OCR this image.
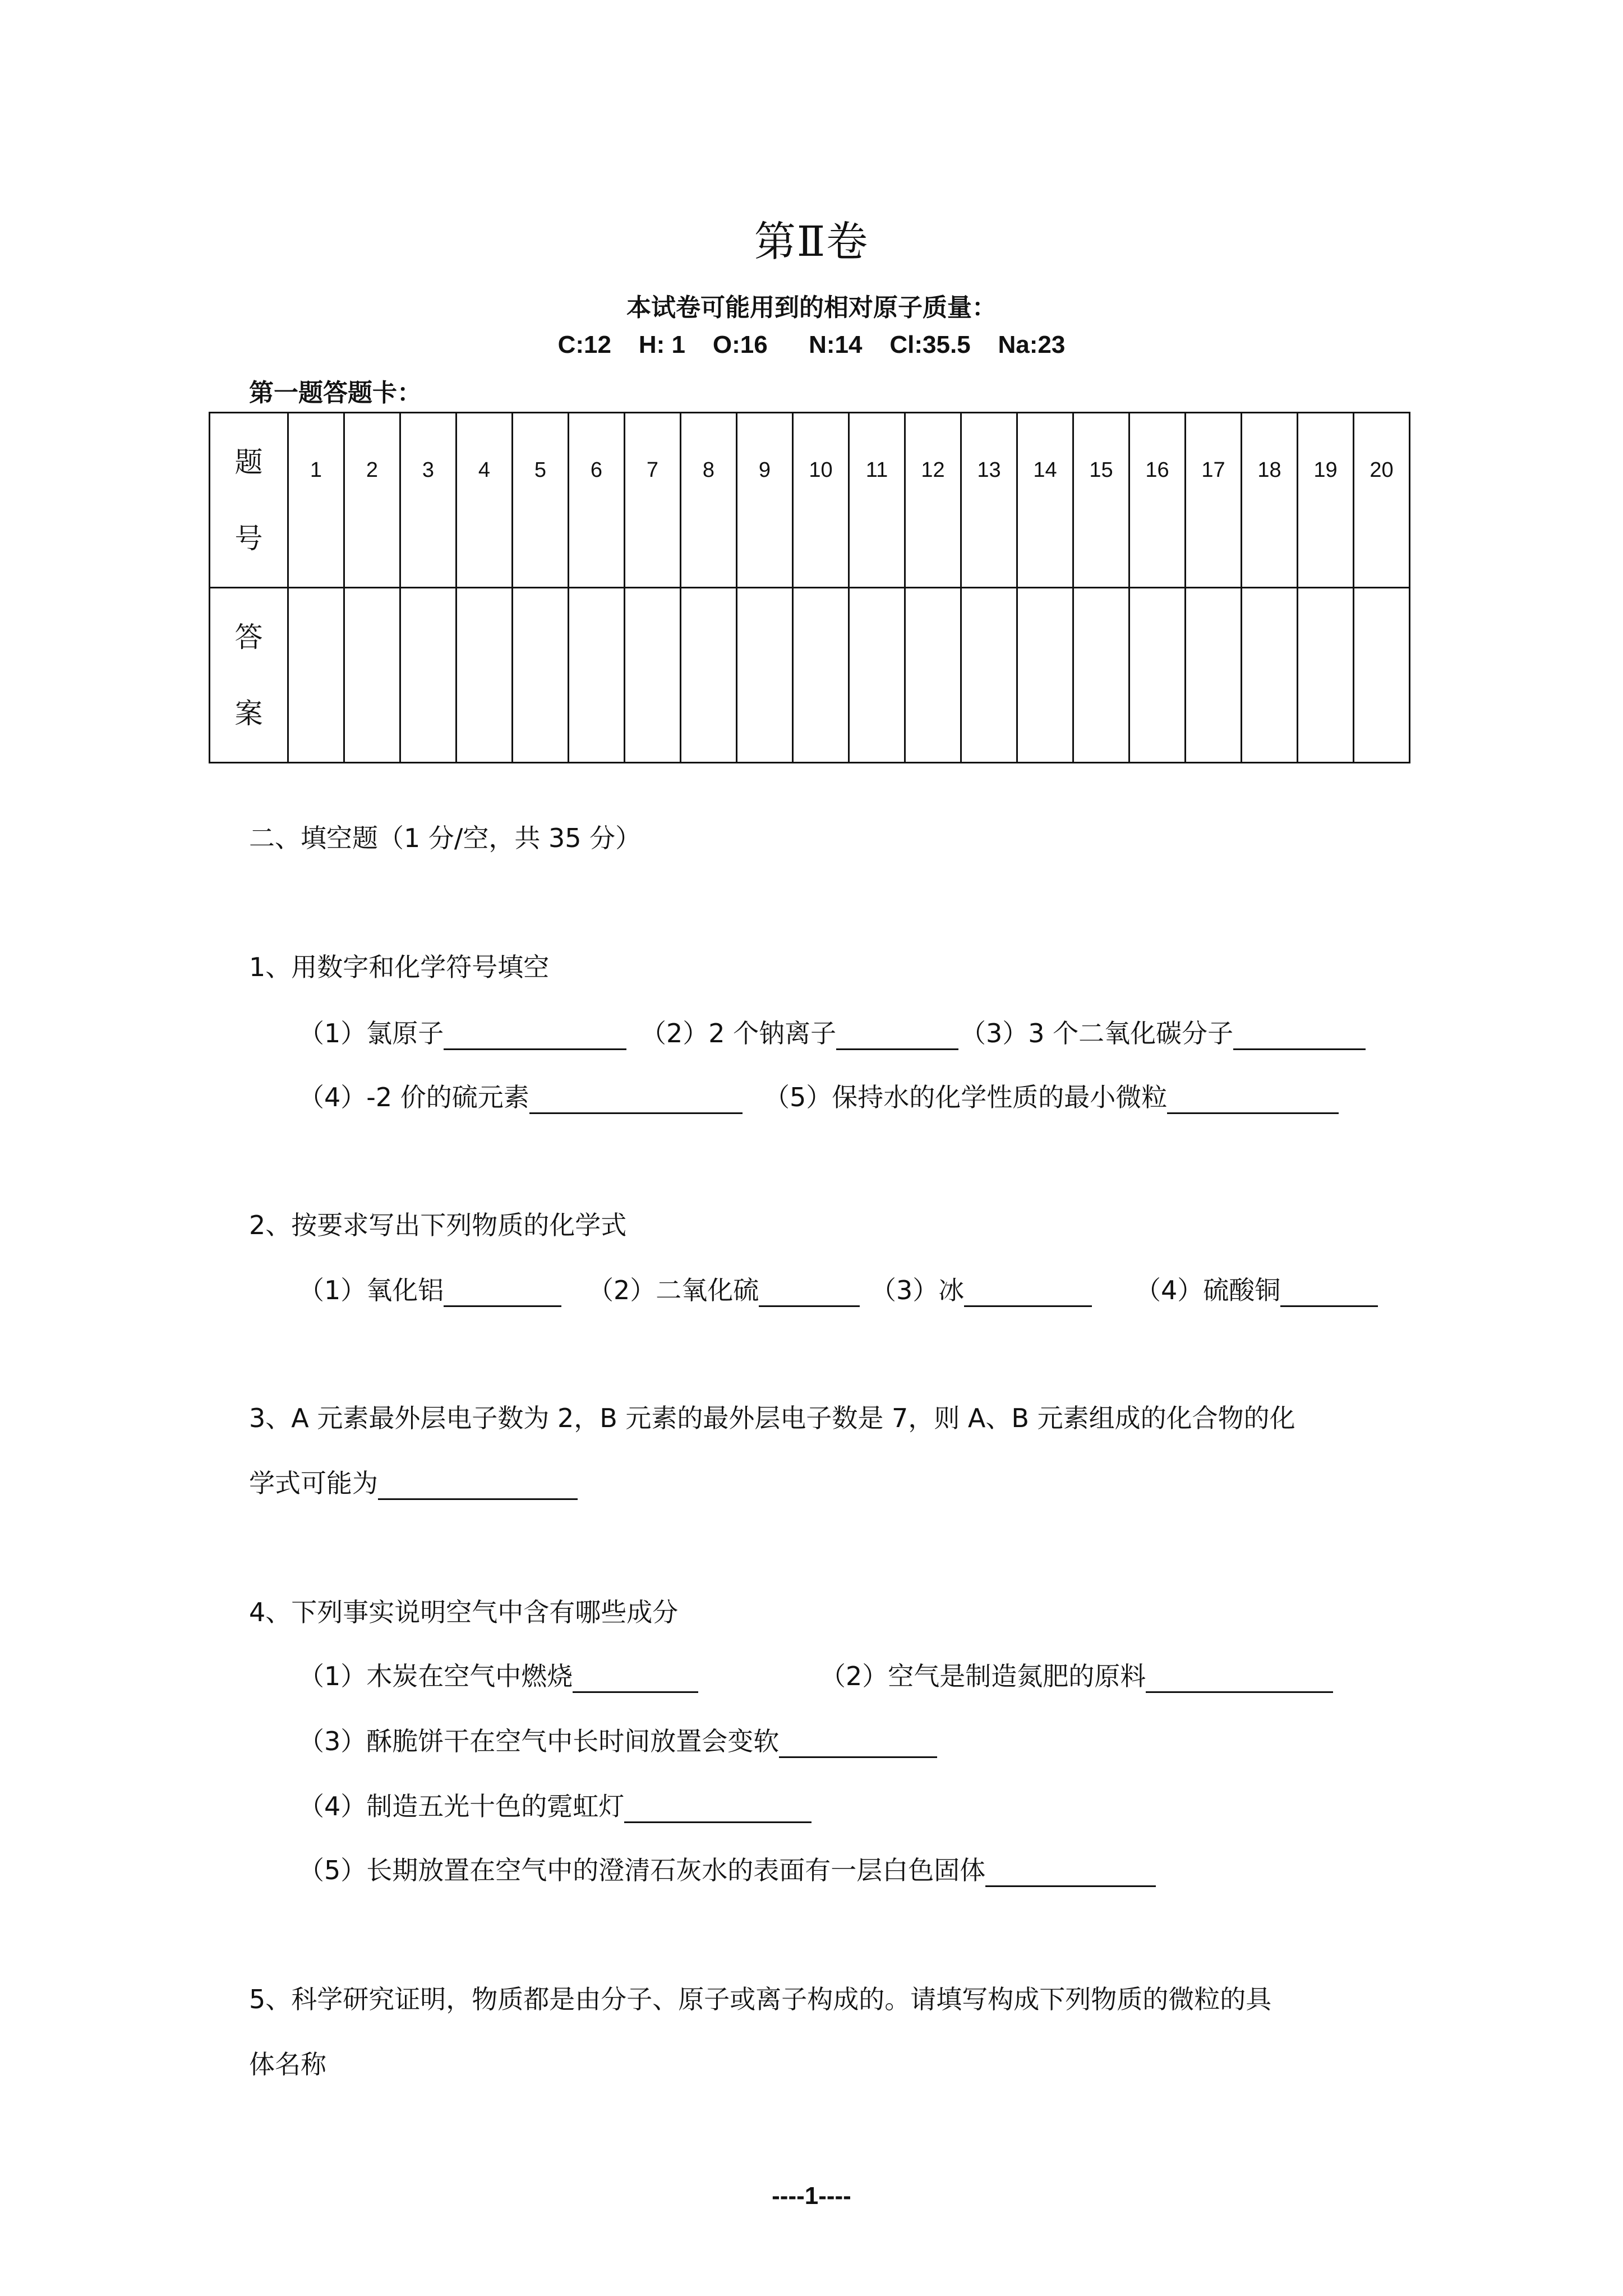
第Ⅱ卷
本试卷可能用到的相对原子质量：
C:12    H: 1    O:16      N:14    Cl:35.5    Na:23
第一题答题卡：
题
号	1	2	3	4	5	6	7	8	9	10	11	12	13	14	15	16	17	18	19	20

答
案																				

二、填空题（1 分/空，共 35 分）
1、用数字和化学符号填空
（1）氯原子	（2）2 个钠离子	（3）3 个二氧化碳分子
（4）-2 价的硫元素	（5）保持水的化学性质的最小微粒
2、按要求写出下列物质的化学式
（1）氧化铝	（2）二氧化硫	（3）冰	（4）硫酸铜
3、A 元素最外层电子数为 2，B 元素的最外层电子数是 7，则 A、B 元素组成的化合物的化
学式可能为
4、下列事实说明空气中含有哪些成分
（1）木炭在空气中燃烧	（2）空气是制造氮肥的原料
（3）酥脆饼干在空气中长时间放置会变软
（4）制造五光十色的霓虹灯
（5）长期放置在空气中的澄清石灰水的表面有一层白色固体
5、科学研究证明，物质都是由分子、原子或离子构成的。请填写构成下列物质的微粒的具
体名称
----1----
